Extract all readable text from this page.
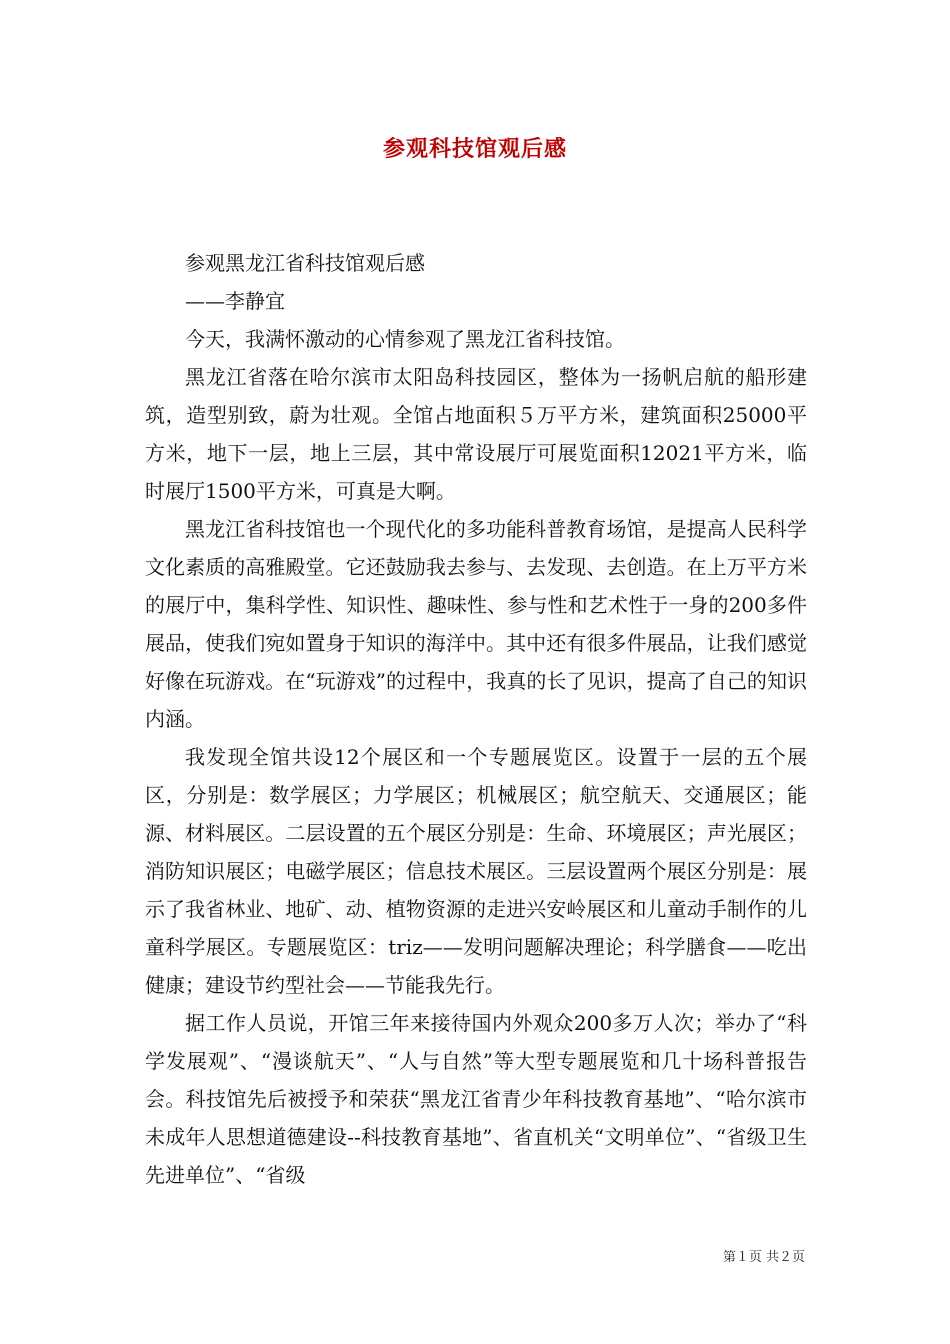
参观科技馆观后感

参观黑龙江省科技馆观后感

——李静宜

今天，我满怀激动的心情参观了黑龙江省科技馆。

黑龙江省落在哈尔滨市太阳岛科技园区，整体为一扬帆启航的船形建筑，造型别致，蔚为壮观。全馆占地面积５万平方米，建筑面积25000平方米，地下一层，地上三层，其中常设展厅可展览面积12021平方米，临时展厅1500平方米，可真是大啊。

黑龙江省科技馆也一个现代化的多功能科普教育场馆，是提高人民科学文化素质的高雅殿堂。它还鼓励我去参与、去发现、去创造。在上万平方米的展厅中，集科学性、知识性、趣味性、参与性和艺术性于一身的200多件展品，使我们宛如置身于知识的海洋中。其中还有很多件展品，让我们感觉好像在玩游戏。在“玩游戏”的过程中，我真的长了见识，提高了自己的知识内涵。

我发现全馆共设12个展区和一个专题展览区。设置于一层的五个展区，分别是：数学展区；力学展区；机械展区；航空航天、交通展区；能源、材料展区。二层设置的五个展区分别是：生命、环境展区；声光展区；消防知识展区；电磁学展区；信息技术展区。三层设置两个展区分别是：展示了我省林业、地矿、动、植物资源的走进兴安岭展区和儿童动手制作的儿童科学展区。专题展览区：triz——发明问题解决理论；科学膳食——吃出健康；建设节约型社会——节能我先行。

据工作人员说，开馆三年来接待国内外观众200多万人次；举办了“科学发展观”、“漫谈航天”、“人与自然”等大型专题展览和几十场科普报告会。科技馆先后被授予和荣获“黑龙江省青少年科技教育基地”、“哈尔滨市未成年人思想道德建设--科技教育基地”、省直机关“文明单位”、“省级卫生先进单位”、“省级

第１页 共２页
